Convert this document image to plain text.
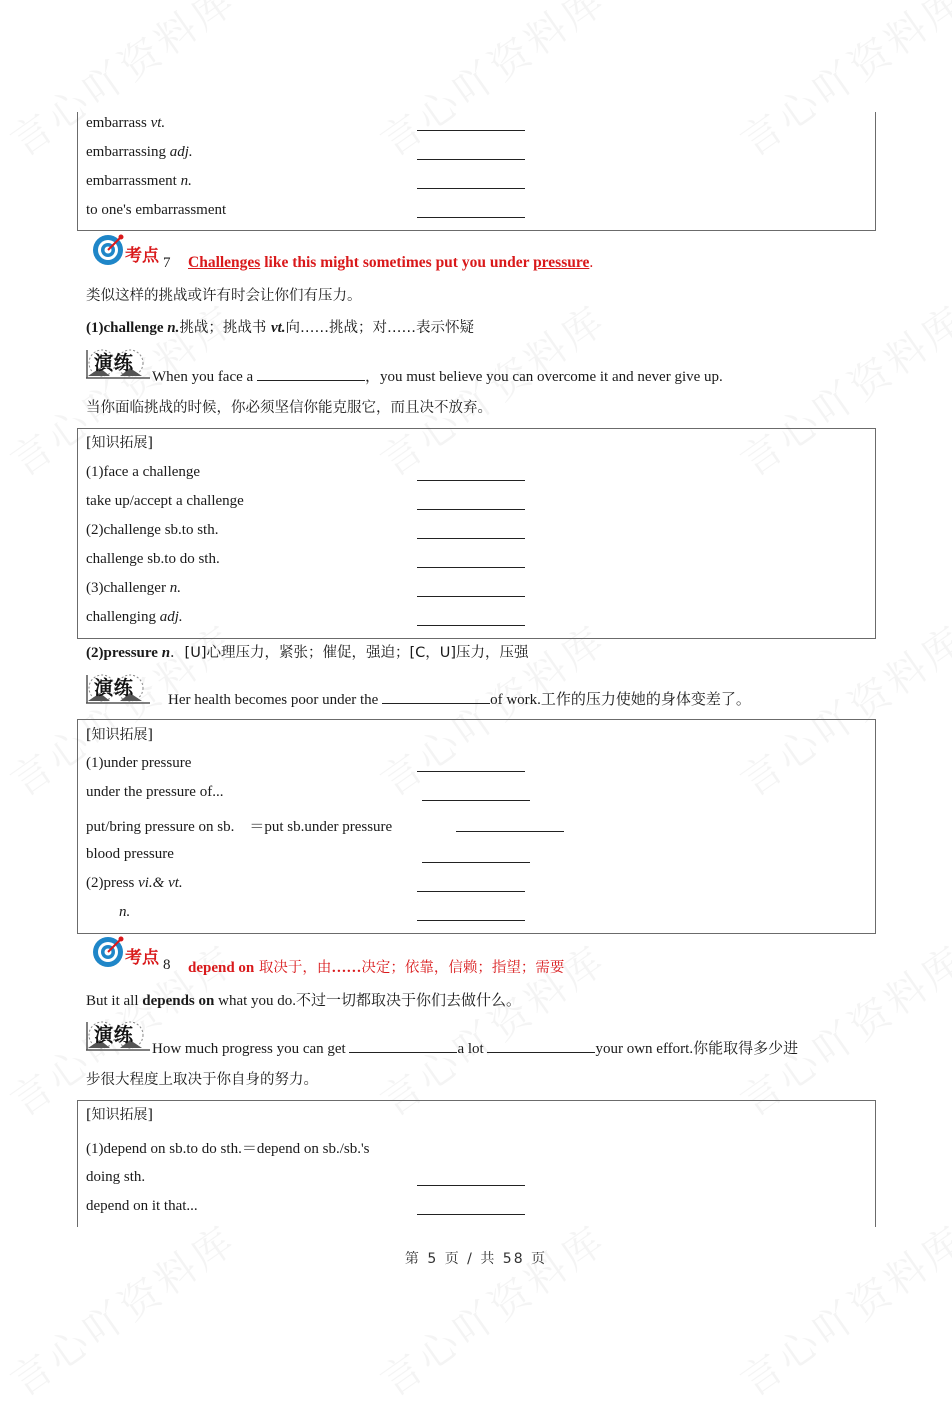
embarrass vt.
embarrassing adj.
embarrassment n.
to one's embarrassment
考点 7 Challenges like this might sometimes put you under pressure.
类似这样的挑战或许有时会让你们有压力。
(1)challenge n.挑战；挑战书 vt.向……挑战；对……表示怀疑
演练
When you face a	，you must believe you can overcome it and never give up.
当你面临挑战的时候，你必须坚信你能克服它，而且决不放弃。
[知识拓展]
(1)face a challenge
take up/accept a challenge
(2)challenge sb.to sth.
challenge sb.to do sth.
(3)challenger n.
challenging adj.
(2)pressure n．[U]心理压力，紧张；催促，强迫；[C，U]压力，压强
演练
Her health becomes poor under the	of work.工作的压力使她的身体变差了。
[知识拓展]
(1)under pressure
under the pressure of...
put/bring pressure on sb.　＝put sb.under pressure
blood pressure
(2)press vi.& vt.
n.
考点 8 depend on 取决于，由……决定；依靠，信赖；指望；需要
But it all depends on what you do.不过一切都取决于你们去做什么。
演练
How much progress you can get	a lot	your own effort.你能取得多少进
步很大程度上取决于你自身的努力。
[知识拓展]
(1)depend on sb.to do sth.＝depend on sb./sb.'s
doing sth.
depend on it that...
第 5 页 / 共 58 页
